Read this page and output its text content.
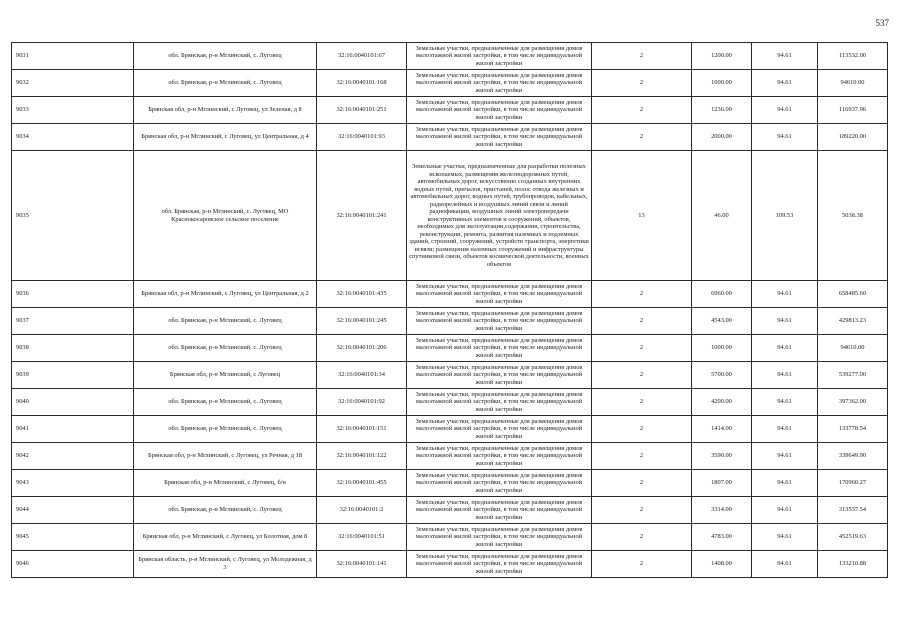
537
9031	обл. Брянская, р-н Мглинский, с. Луговец	32:16:0040101:67	Земельные участки, предназначенные для размещения домов малоэтажной жилой застройки, в том числе индивидуальной жилой застройки	2	1200.00	94.61	113532.00
9032	обл. Брянская, р-н Мглинский, с. Луговец	32:16:0040101:168	Земельные участки, предназначенные для размещения домов малоэтажной жилой застройки, в том числе индивидуальной жилой застройки	2	1000.00	94.61	94610.00
9033	Брянская обл, р-н Мглинский, с Луговец, ул Зеленая, д 8	32:16:0040101:251	Земельные участки, предназначенные для размещения домов малоэтажной жилой застройки, в том числе индивидуальной жилой застройки	2	1236.00	94.61	116937.96
9034	Брянская обл, р-н Мглинский, с Луговец, ул Центральная, д 4	32:16:0040101:93	Земельные участки, предназначенные для размещения домов малоэтажной жилой застройки, в том числе индивидуальной жилой застройки	2	2000.00	94.61	189220.00
9035	обл. Брянская, р-н Мглинский, с. Луговец, МО Краснокосаровское сельское поселение	32:16:0040101:241	Земельные участки, предназначенные для разработки полезных ископаемых, размещения железнодорожных путей, автомобильных дорог, искусственно созданных внутренних водных путей, причалов, пристаней, полос отвода железных и автомобильных дорог, водных путей, трубопроводов, кабельных, радиорелейных и воздушных линий связи и линий радиофикации, воздушных линий электропередачи конструктивных элементов и сооружений, объектов, необходимых для эксплуатации,содержания, строительства, реконструкции, ремонта, развития наземных и подземных зданий, строений, сооружений, устройств транспорта, энергетики исвязи; размещения наземных сооружений и инфраструктуры спутниковой связи, объектов космической деятельности, военных объектов	13	46.00	109.53	5038.38
9036	Брянская обл, р-н Мглинский, с Луговец, ул Центральная, д 2	32:16:0040101:435	Земельные участки, предназначенные для размещения домов малоэтажной жилой застройки, в том числе индивидуальной жилой застройки	2	6960.00	94.61	658485.60
9037	обл. Брянская, р-н Мглинский, с. Луговец	32:16:0040101:245	Земельные участки, предназначенные для размещения домов малоэтажной жилой застройки, в том числе индивидуальной жилой застройки	2	4543.00	94.61	429813.23
9038	обл. Брянская, р-н Мглинский, с. Луговец	32:16:0040101:206	Земельные участки, предназначенные для размещения домов малоэтажной жилой застройки, в том числе индивидуальной жилой застройки	2	1000.00	94.61	94610.00
9039	Брянская обл, р-н Мглинский, с Луговец	32:16:0040101:34	Земельные участки, предназначенные для размещения домов малоэтажной жилой застройки, в том числе индивидуальной жилой застройки	2	5700.00	94.61	539277.00
9040	обл. Брянская, р-н Мглинский, с. Луговец	32:16:0040101:92	Земельные участки, предназначенные для размещения домов малоэтажной жилой застройки, в том числе индивидуальной жилой застройки	2	4200.00	94.61	397362.00
9041	обл. Брянская, р-н Мглинский, с. Луговец	32:16:0040101:151	Земельные участки, предназначенные для размещения домов малоэтажной жилой застройки, в том числе индивидуальной жилой застройки	2	1414.00	94.61	133778.54
9042	Брянская обл, р-н Мглинский, с Луговец, ул Речная, д 18	32:16:0040101:122	Земельные участки, предназначенные для размещения домов малоэтажной жилой застройки, в том числе индивидуальной жилой застройки	2	3590.00	94.61	339649.90
9043	Брянская обл, р-н Мглинский, с Луговец, б/н	32:16:0040101:455	Земельные участки, предназначенные для размещения домов малоэтажной жилой застройки, в том числе индивидуальной жилой застройки	2	1807.00	94.61	170960.27
9044	обл. Брянская, р-н Мглинский, с. Луговец	32:16:0040101:2	Земельные участки, предназначенные для размещения домов малоэтажной жилой застройки, в том числе индивидуальной жилой застройки	2	3314.00	94.61	313537.54
9045	Брянская обл, р-н Мглинский, с Луговец, ул Болотная, дом 8	32:16:0040101:51	Земельные участки, предназначенные для размещения домов малоэтажной жилой застройки, в том числе индивидуальной жилой застройки	2	4783.00	94.61	452519.63
9046	Брянская область, р-н Мглинский, с Луговец, ул Молодежная, д 3	32:16:0040101:141	Земельные участки, предназначенные для размещения домов малоэтажной жилой застройки, в том числе индивидуальной жилой застройки	2	1408.00	94.61	133210.88
